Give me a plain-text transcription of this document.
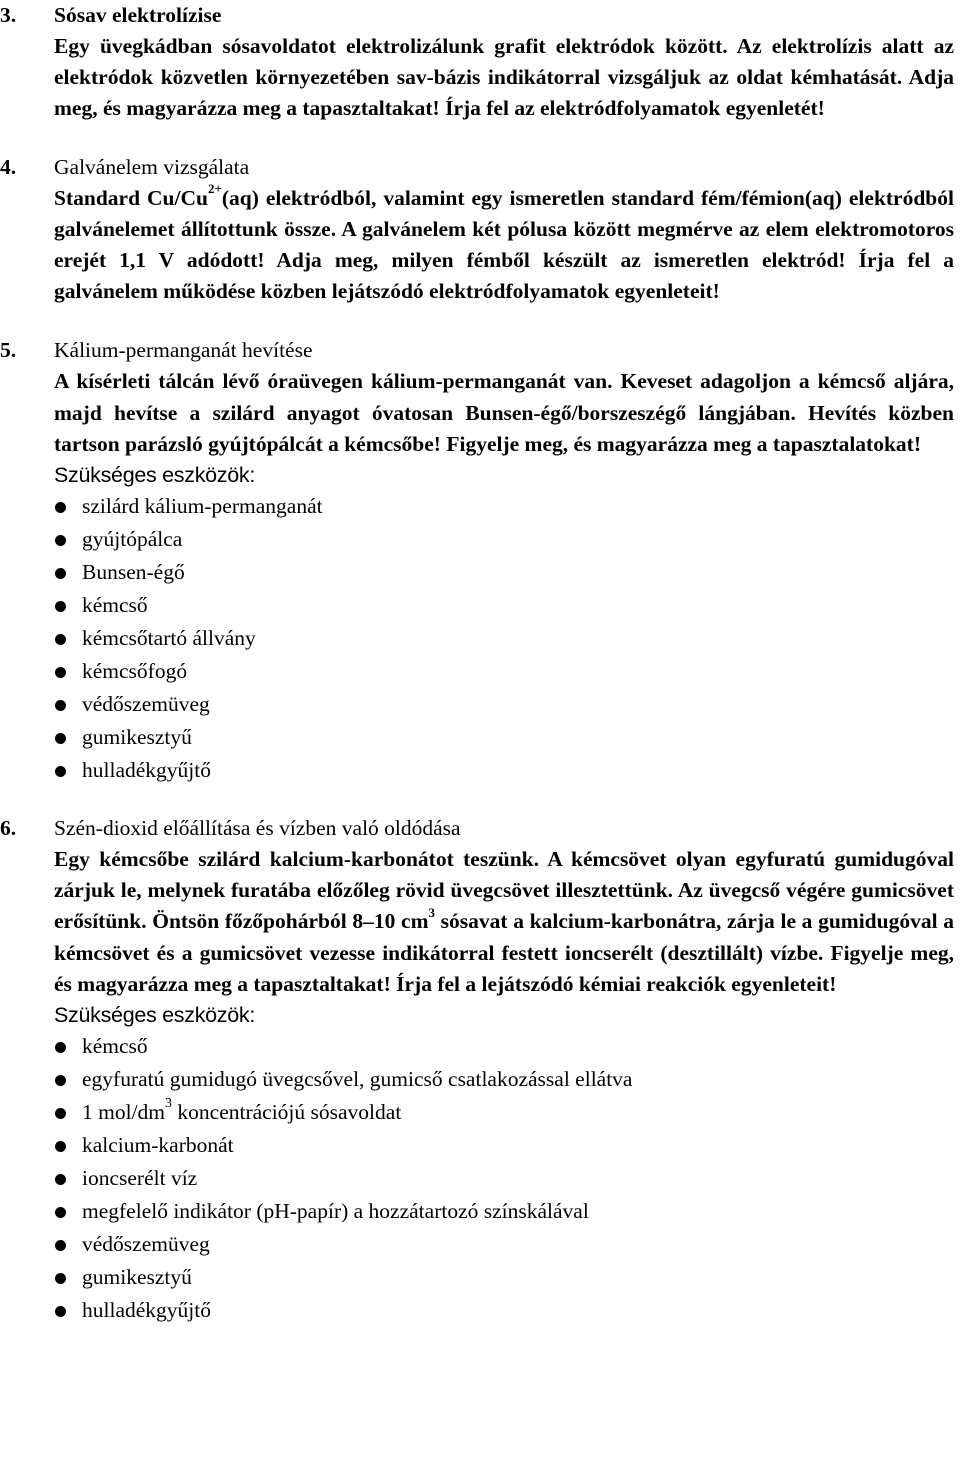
3. Sósav elektrolízise
Egy üvegkádban sósavoldatot elektrolizálunk grafit elektródok között. Az elektrolízis alatt az elektródok közvetlen környezetében sav-bázis indikátorral vizsgáljuk az oldat kémhatását. Adja meg, és magyarázza meg a tapasztaltakat! Írja fel az elektródfolyamatok egyenletét!
4. Galvánelem vizsgálata
Standard $Cu/Cu^{2+}(aq)$ elektródból, valamint egy ismeretlen standard fém/fémion(aq) elektródból galvánelemet állítottunk össze. A galvánelem két pólusa között megmérve az elem elektromotoros erejét 1,1 V adódott! Adja meg, milyen fémből készült az ismeretlen elektród! Írja fel a galvánelem működése közben lejátszódó elektródfolyamatok egyenleteit!
5. Kálium-permanganát hevítése
A kísérleti tálcán lévő óraüvegen kálium-permanganát van. Keveset adagoljon a kémcső aljára, majd hevítse a szilárd anyagot óvatosan Bunsen-égő/borszeszégő lángjában. Hevítés közben tartson parázsló gyújtópálcát a kémcsőbe! Figyelje meg, és magyarázza meg a tapasztalatokat!
Szükséges eszközök:
szilárd kálium-permanganát
gyújtópálca
Bunsen-égő
kémcső
kémcsőtartó állvány
kémcsőfogó
védőszemüveg
gumikesztyű
hulladékgyűjtő
6. Szén-dioxid előállítása és vízben való oldódása
Egy kémcsőbe szilárd kalcium-karbonátot teszünk. A kémcsövet olyan egyfuratú gumidugóval zárjuk le, melynek furatába előzőleg rövid üvegcsövet illesztettünk. Az üvegcső végére gumicsövet erősítünk. Öntsön főzőpohárból 8–10 $cm^3$ sósavat a kalcium-karbonátra, zárja le a gumidugóval a kémcsövet és a gumicsövet vezesse indikátorral festett ioncserélt (desztillált) vízbe. Figyelje meg, és magyarázza meg a tapasztaltakat! Írja fel a lejátszódó kémiai reakciók egyenleteit!
Szükséges eszközök:
kémcső
egyfuratú gumidugó üvegcsővel, gumicső csatlakozással ellátva
1 mol/$dm^3$ koncentrációjú sósavoldat
kalcium-karbonát
ioncserélt víz
megfelelő indikátor (pH-papír) a hozzátartozó színskálával
védőszemüveg
gumikesztyű
hulladékgyűjtő
